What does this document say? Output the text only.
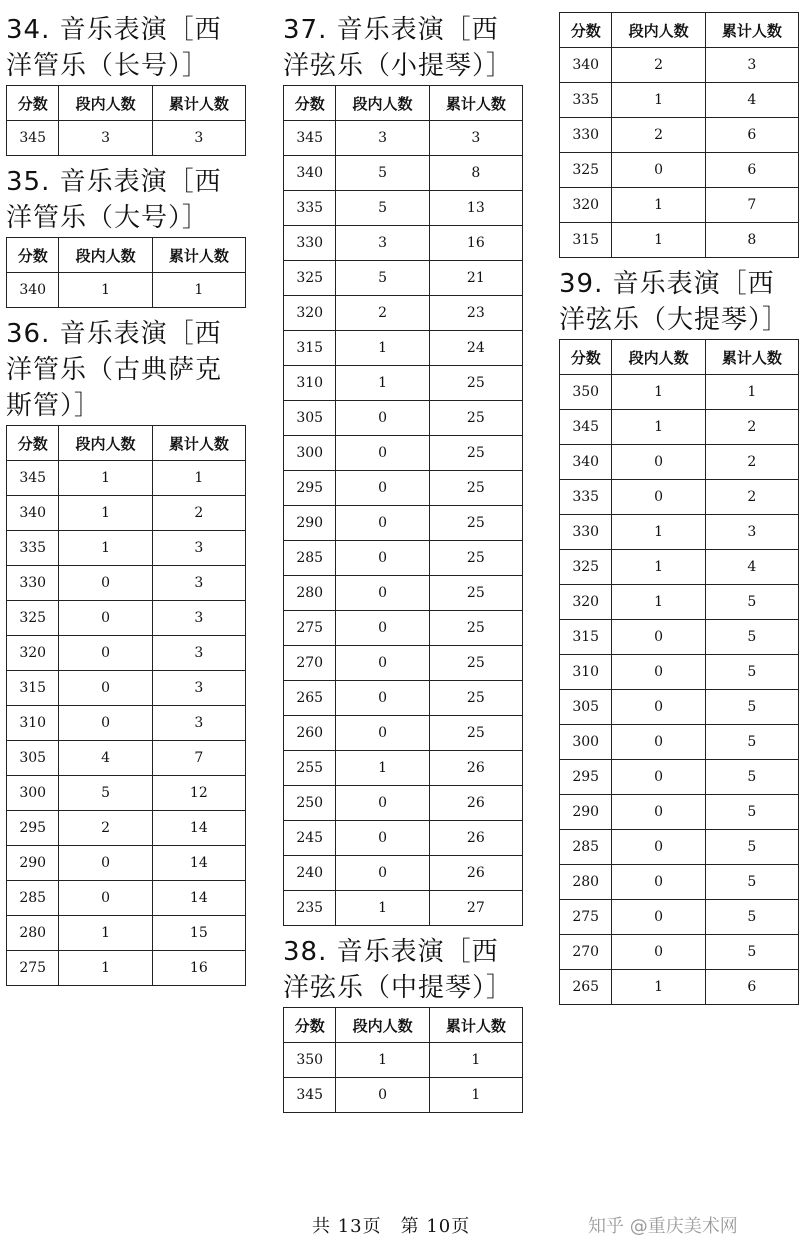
34. 音乐表演［西洋管乐（长号）］
分数	段内人数	累计人数
345	3	3
35. 音乐表演［西洋管乐（大号）］
分数	段内人数	累计人数
340	1	1
36. 音乐表演［西洋管乐（古典萨克斯管）］
分数	段内人数	累计人数
345	1	1
340	1	2
335	1	3
330	0	3
325	0	3
320	0	3
315	0	3
310	0	3
305	4	7
300	5	12
295	2	14
290	0	14
285	0	14
280	1	15
275	1	16
37. 音乐表演［西洋弦乐（小提琴）］
分数	段内人数	累计人数
345	3	3
340	5	8
335	5	13
330	3	16
325	5	21
320	2	23
315	1	24
310	1	25
305	0	25
300	0	25
295	0	25
290	0	25
285	0	25
280	0	25
275	0	25
270	0	25
265	0	25
260	0	25
255	1	26
250	0	26
245	0	26
240	0	26
235	1	27
38. 音乐表演［西洋弦乐（中提琴）］
分数	段内人数	累计人数
350	1	1
345	0	1
分数	段内人数	累计人数
340	2	3
335	1	4
330	2	6
325	0	6
320	1	7
315	1	8
39. 音乐表演［西洋弦乐（大提琴）］
分数	段内人数	累计人数
350	1	1
345	1	2
340	0	2
335	0	2
330	1	3
325	1	4
320	1	5
315	0	5
310	0	5
305	0	5
300	0	5
295	0	5
290	0	5
285	0	5
280	0	5
275	0	5
270	0	5
265	1	6
共 13页　第 10页	知乎 @重庆美术网
